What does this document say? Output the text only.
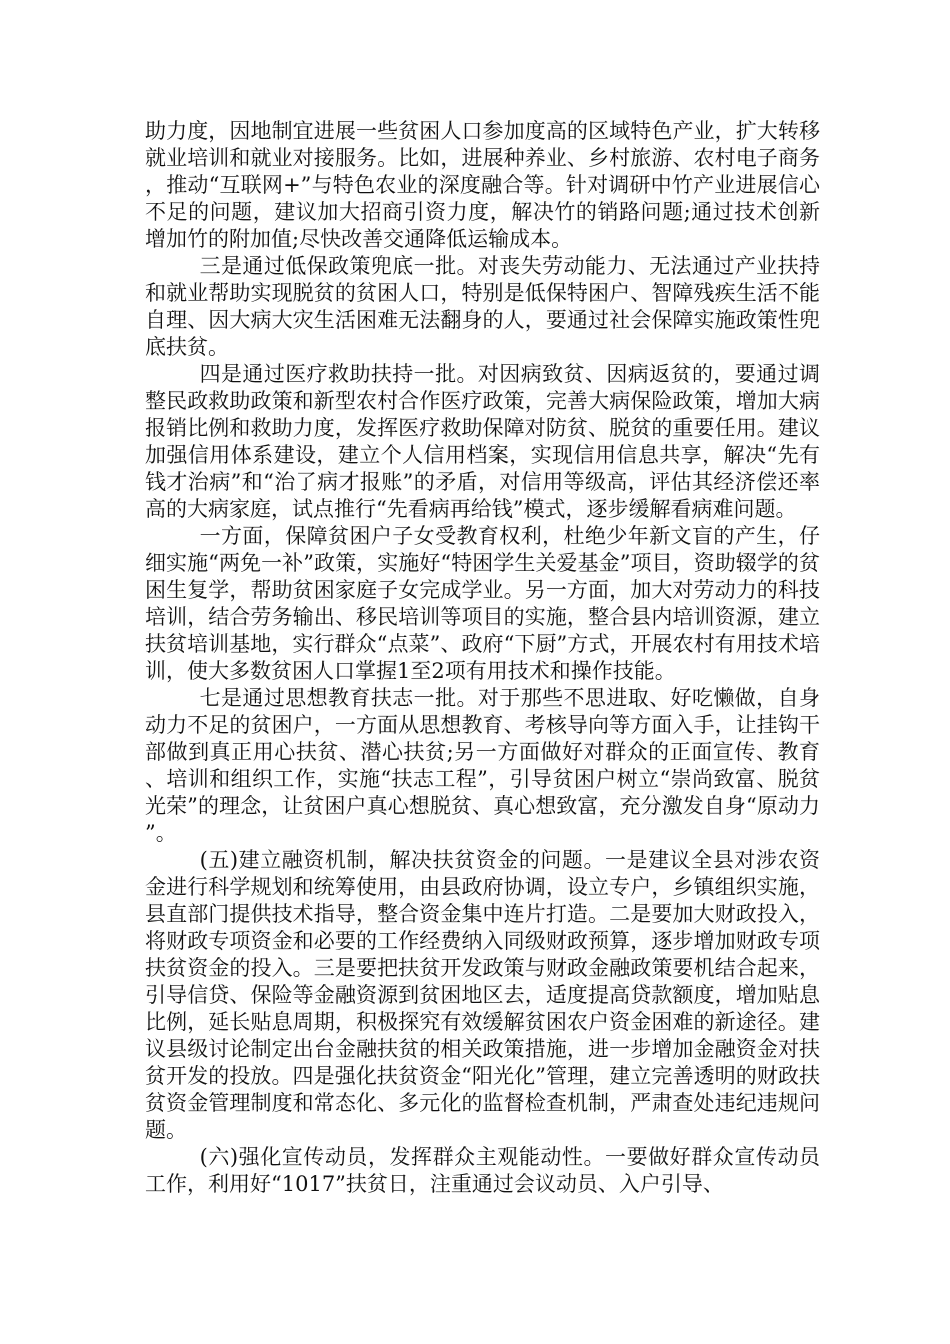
助力度，因地制宜进展一些贫困人口参加度高的区域特色产业，扩大转移就业培训和就业对接服务。比如，进展种养业、乡村旅游、农村电子商务，推动“互联网+”与特色农业的深度融合等。针对调研中竹产业进展信心不足的问题，建议加大招商引资力度，解决竹的销路问题;通过技术创新增加竹的附加值;尽快改善交通降低运输成本。

三是通过低保政策兜底一批。对丧失劳动能力、无法通过产业扶持和就业帮助实现脱贫的贫困人口，特别是低保特困户、智障残疾生活不能自理、因大病大灾生活困难无法翻身的人，要通过社会保障实施政策性兜底扶贫。

四是通过医疗救助扶持一批。对因病致贫、因病返贫的，要通过调整民政救助政策和新型农村合作医疗政策，完善大病保险政策，增加大病报销比例和救助力度，发挥医疗救助保障对防贫、脱贫的重要任用。建议加强信用体系建设，建立个人信用档案，实现信用信息共享，解决“先有钱才治病”和“治了病才报账”的矛盾，对信用等级高，评估其经济偿还率高的大病家庭，试点推行“先看病再给钱”模式，逐步缓解看病难问题。

一方面，保障贫困户子女受教育权利，杜绝少年新文盲的产生，仔细实施“两免一补”政策，实施好“特困学生关爱基金”项目，资助辍学的贫困生复学，帮助贫困家庭子女完成学业。另一方面，加大对劳动力的科技培训，结合劳务输出、移民培训等项目的实施，整合县内培训资源，建立扶贫培训基地，实行群众“点菜”、政府“下厨”方式，开展农村有用技术培训，使大多数贫困人口掌握1至2项有用技术和操作技能。

七是通过思想教育扶志一批。对于那些不思进取、好吃懒做，自身动力不足的贫困户，一方面从思想教育、考核导向等方面入手，让挂钩干部做到真正用心扶贫、潜心扶贫;另一方面做好对群众的正面宣传、教育、培训和组织工作，实施“扶志工程”，引导贫困户树立“崇尚致富、脱贫光荣”的理念，让贫困户真心想脱贫、真心想致富，充分激发自身“原动力”。

(五)建立融资机制，解决扶贫资金的问题。一是建议全县对涉农资金进行科学规划和统筹使用，由县政府协调，设立专户，乡镇组织实施，县直部门提供技术指导，整合资金集中连片打造。二是要加大财政投入，将财政专项资金和必要的工作经费纳入同级财政预算，逐步增加财政专项扶贫资金的投入。三是要把扶贫开发政策与财政金融政策要机结合起来，引导信贷、保险等金融资源到贫困地区去，适度提高贷款额度，增加贴息比例，延长贴息周期，积极探究有效缓解贫困农户资金困难的新途径。建议县级讨论制定出台金融扶贫的相关政策措施，进一步增加金融资金对扶贫开发的投放。四是强化扶贫资金“阳光化”管理，建立完善透明的财政扶贫资金管理制度和常态化、多元化的监督检查机制，严肃查处违纪违规问题。

(六)强化宣传动员，发挥群众主观能动性。一要做好群众宣传动员工作，利用好“1017”扶贫日，注重通过会议动员、入户引导、
